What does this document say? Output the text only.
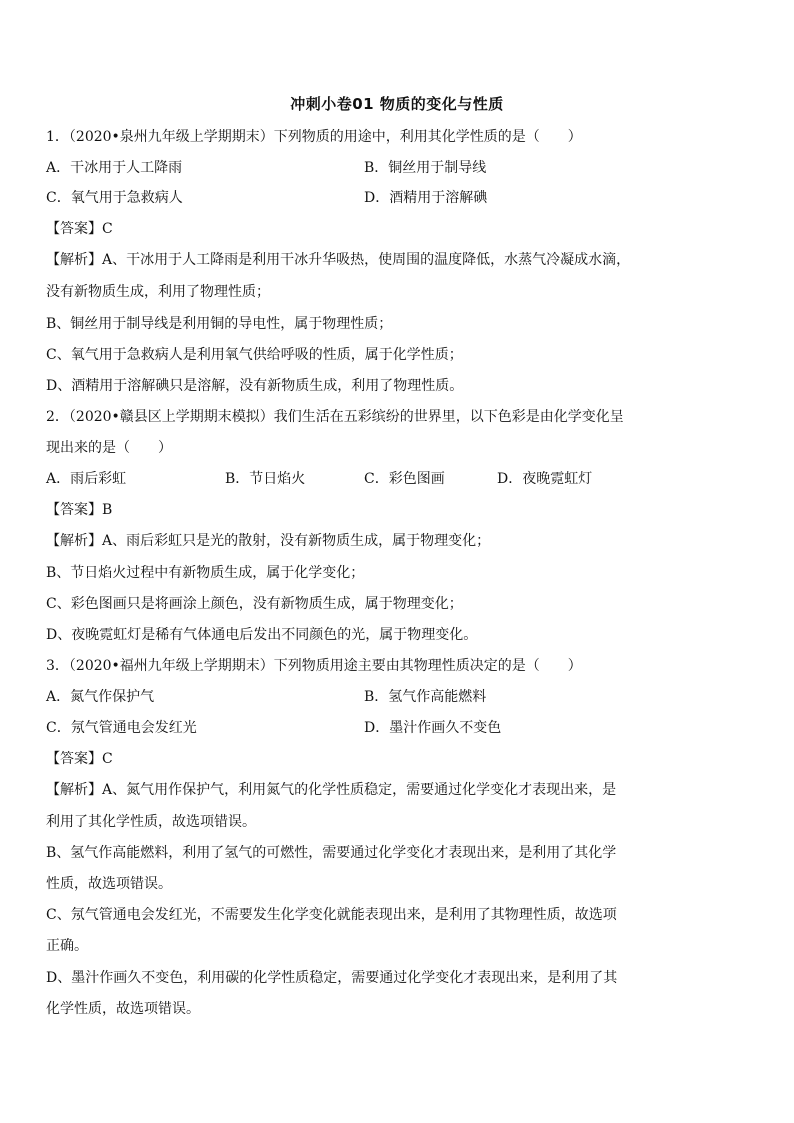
冲刺小卷01 物质的变化与性质
1．（2020•泉州九年级上学期期末）下列物质的用途中，利用其化学性质的是（　　）
A．干冰用于人工降雨	B．铜丝用于制导线
C．氧气用于急救病人	D．酒精用于溶解碘
【答案】C
【解析】A、干冰用于人工降雨是利用干冰升华吸热，使周围的温度降低，水蒸气冷凝成水滴，
没有新物质生成，利用了物理性质；
B、铜丝用于制导线是利用铜的导电性，属于物理性质；
C、氧气用于急救病人是利用氧气供给呼吸的性质，属于化学性质；
D、酒精用于溶解碘只是溶解，没有新物质生成，利用了物理性质。
2．（2020•赣县区上学期期末模拟）我们生活在五彩缤纷的世界里，以下色彩是由化学变化呈
现出来的是（　　）
A．雨后彩虹	B．节日焰火	C．彩色图画	D．夜晚霓虹灯
【答案】B
【解析】A、雨后彩虹只是光的散射，没有新物质生成，属于物理变化；
B、节日焰火过程中有新物质生成，属于化学变化；
C、彩色图画只是将画涂上颜色，没有新物质生成，属于物理变化；
D、夜晚霓虹灯是稀有气体通电后发出不同颜色的光，属于物理变化。
3．（2020•福州九年级上学期期末）下列物质用途主要由其物理性质决定的是（　　）
A．氮气作保护气	B．氢气作高能燃料
C．氖气管通电会发红光	D．墨汁作画久不变色
【答案】C
【解析】A、氮气用作保护气，利用氮气的化学性质稳定，需要通过化学变化才表现出来，是
利用了其化学性质，故选项错误。
B、氢气作高能燃料，利用了氢气的可燃性，需要通过化学变化才表现出来，是利用了其化学
性质，故选项错误。
C、氖气管通电会发红光，不需要发生化学变化就能表现出来，是利用了其物理性质，故选项
正确。
D、墨汁作画久不变色，利用碳的化学性质稳定，需要通过化学变化才表现出来，是利用了其
化学性质，故选项错误。
